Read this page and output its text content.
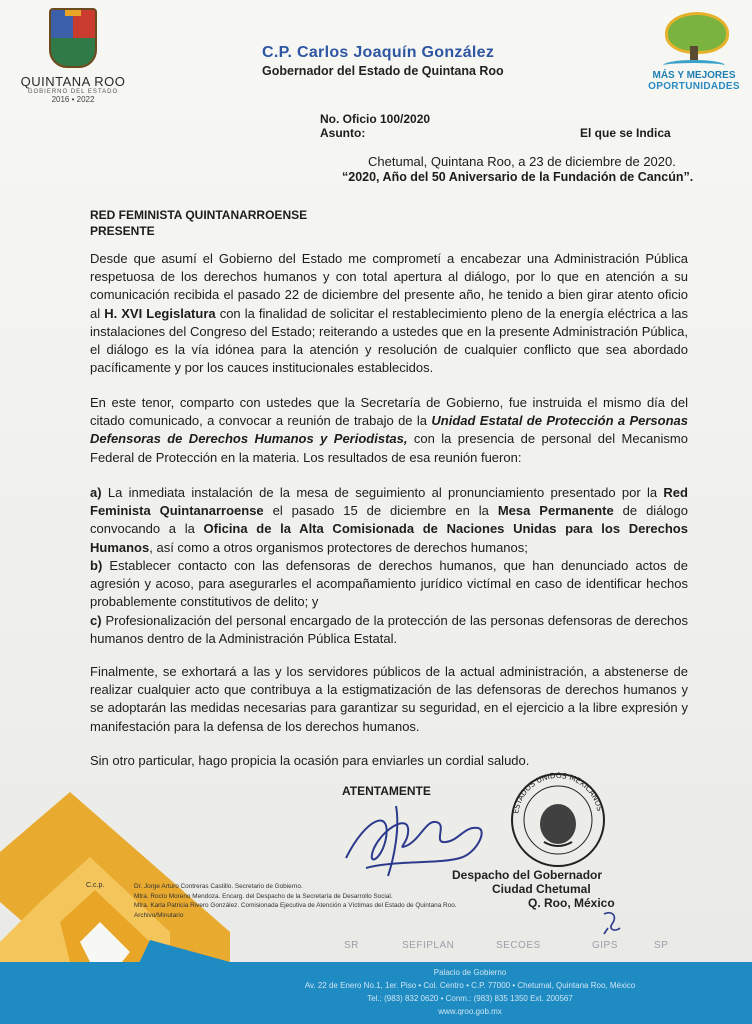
QUINTANA ROO
GOBIERNO DEL ESTADO
2016 • 2022
C.P. Carlos Joaquín González
Gobernador del Estado de Quintana Roo	MÁS Y MEJORES
OPORTUNIDADES
No. Oficio 100/2020
Asunto:	El que se Indica
Chetumal, Quintana Roo, a 23 de diciembre de 2020.
“2020, Año del 50 Aniversario de la Fundación de Cancún”.
RED FEMINISTA QUINTANARROENSE
PRESENTE
Desde que asumí el Gobierno del Estado me comprometí a encabezar una Administración Pública respetuosa de los derechos humanos y con total apertura al diálogo, por lo que en atención a su comunicación recibida el pasado 22 de diciembre del presente año, he tenido a bien girar atento oficio al H. XVI Legislatura con la finalidad de solicitar el restablecimiento pleno de la energía eléctrica a las instalaciones del Congreso del Estado; reiterando a ustedes que en la presente Administración Pública, el diálogo es la vía idónea para la atención y resolución de cualquier conflicto que sea abordado pacíficamente y por los cauces institucionales establecidos.
En este tenor, comparto con ustedes que la Secretaría de Gobierno, fue instruida el mismo día del citado comunicado, a convocar a reunión de trabajo de la Unidad Estatal de Protección a Personas Defensoras de Derechos Humanos y Periodistas, con la presencia de personal del Mecanismo Federal de Protección en la materia. Los resultados de esa reunión fueron:
a) La inmediata instalación de la mesa de seguimiento al pronunciamiento presentado por la Red Feminista Quintanarroense el pasado 15 de diciembre en la Mesa Permanente de diálogo convocando a la Oficina de la Alta Comisionada de Naciones Unidas para los Derechos Humanos, así como a otros organismos protectores de derechos humanos;
b) Establecer contacto con las defensoras de derechos humanos, que han denunciado actos de agresión y acoso, para asegurarles el acompañamiento jurídico victímal en caso de identificar hechos probablemente constitutivos de delito; y
c) Profesionalización del personal encargado de la protección de las personas defensoras de derechos humanos dentro de la Administración Pública Estatal.
Finalmente, se exhortará a las y los servidores públicos de la actual administración, a abstenerse de realizar cualquier acto que contribuya a la estigmatización de las defensoras de derechos humanos y se adoptarán las medidas necesarias para garantizar su seguridad, en el ejercicio a la libre expresión y manifestación para la defensa de los derechos humanos.
Sin otro particular, hago propicia la ocasión para enviarles un cordial saludo.
ATENTAMENTE
ESTADOS UNIDOS MEXICANOS
Despacho del Gobernador
Ciudad Chetumal
Q. Roo, México
C.c.p.	Dr. Jorge Arturo Contreras Castillo. Secretario de Gobierno.
Mtra. Rocío Moreno Mendoza. Encarg. del Despacho de la Secretaría de Desarrollo Social.
Mtra. Karla Patricia Rivero González. Comisionada Ejecutiva de Atención a Víctimas del Estado de Quintana Roo.
Archivo/Minutario
SR	SEFIPLAN	SECOES	GIPS	SP
Palacio de Gobierno
Av. 22 de Enero No.1, 1er. Piso • Col. Centro • C.P. 77000 • Chetumal, Quintana Roo, México
Tel.: (983) 832 0620 • Conm.: (983) 835 1350 Ext. 200567
www.qroo.gob.mx
